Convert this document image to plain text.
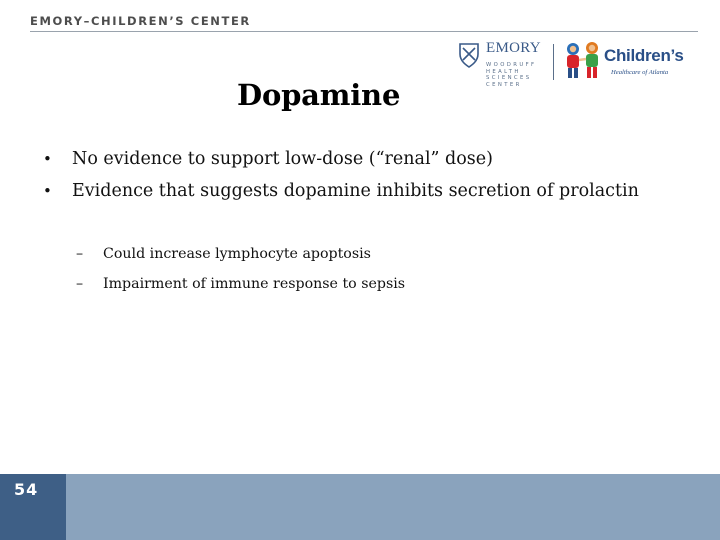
EMORY–CHILDREN’S CENTER
EMORY
WOODRUFF
HEALTH
SCIENCES
CENTER
Children’s
Healthcare of Atlanta
Dopamine
• No evidence to support low-dose (“renal” dose)
• Evidence that suggests dopamine inhibits secretion of prolactin
– Could increase lymphocyte apoptosis
– Impairment of immune response to sepsis
54
